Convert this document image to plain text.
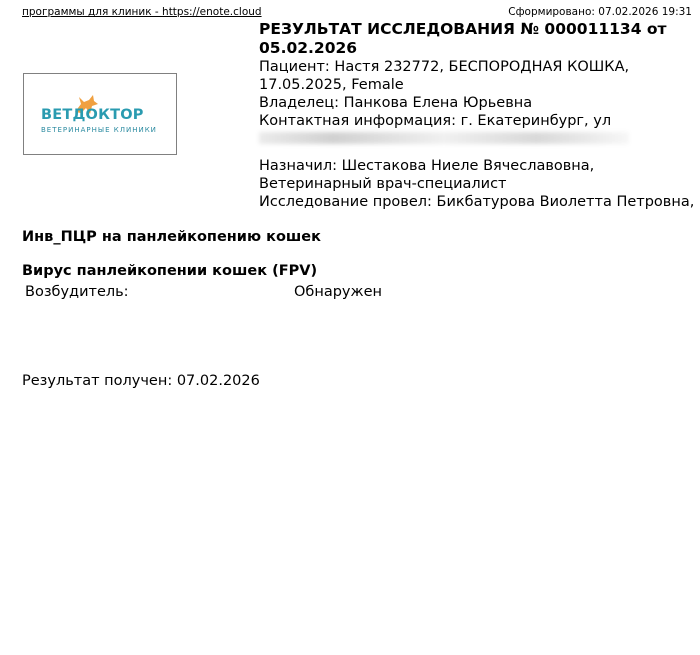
программы для клиник - https://enote.cloud	Сформировано: 07.02.2026 19:31
ВЕТДОКТОР
ВЕТЕРИНАРНЫЕ КЛИНИКИ
РЕЗУЛЬТАТ ИССЛЕДОВАНИЯ № 000011134 от
05.02.2026
Пациент: Настя 232772, БЕСПОРОДНАЯ КОШКА,
17.05.2025, Female
Владелец: Панкова Елена Юрьевна
Контактная информация: г. Екатеринбург, ул
Назначил: Шестакова Ниеле Вячеславовна,
Ветеринарный врач-специалист
Исследование провел: Бикбатурова Виолетта Петровна,
Инв_ПЦР на панлейкопению кошек
Вирус панлейкопении кошек (FPV)
Возбудитель:	Обнаружен
Результат получен: 07.02.2026
